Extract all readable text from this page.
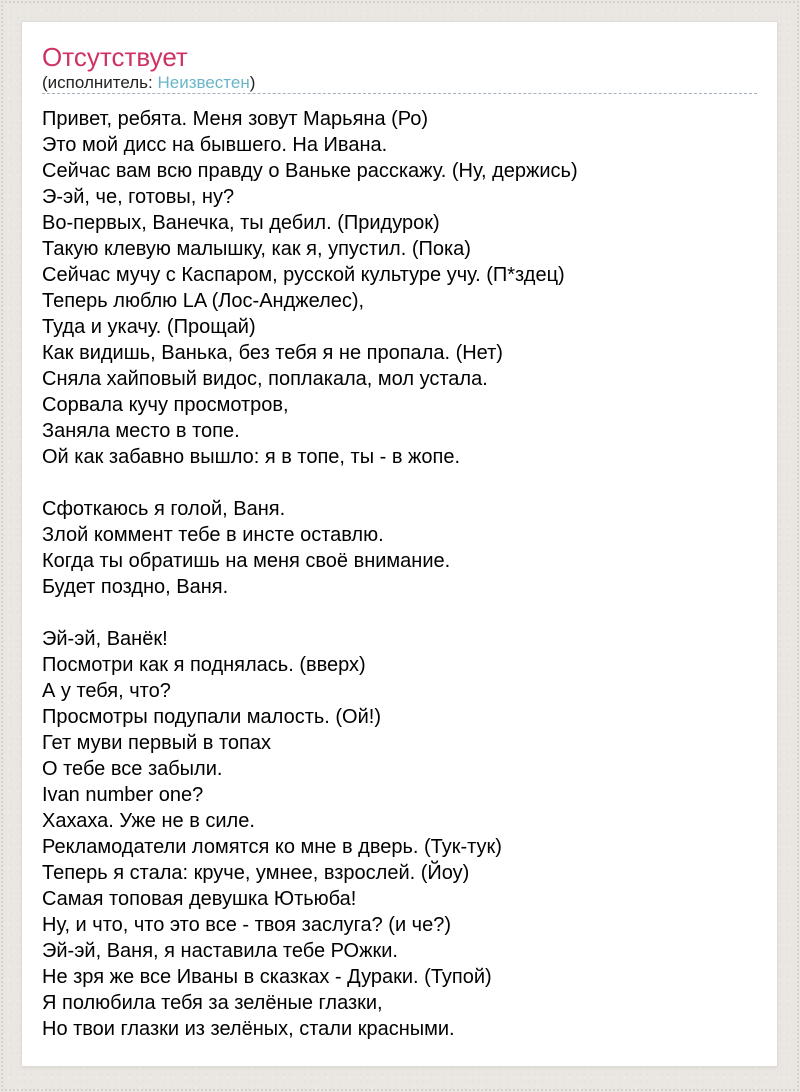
Отсутствует
(исполнитель: Неизвестен)
Привет, ребята. Меня зовут Марьяна (Ро)
Это мой дисс на бывшего. На Ивана.
Сейчас вам всю правду о Ваньке расскажу. (Ну, держись)
Э-эй, че, готовы, ну?
Во-первых, Ванечка, ты дебил. (Придурок)
Такую клевую малышку, как я, упустил. (Пока)
Сейчас мучу с Каспаром, русской культуре учу. (П*здец)
Теперь люблю LA (Лос-Анджелес),
Туда и укачу. (Прощай)
Как видишь, Ванька, без тебя я не пропала. (Нет)
Сняла хайповый видос, поплакала, мол устала.
Сорвала кучу просмотров,
Заняла место в топе.
Ой как забавно вышло: я в топе, ты - в жопе.

Сфоткаюсь я голой, Ваня.
Злой коммент тебе в инсте оставлю.
Когда ты обратишь на меня своё внимание.
Будет поздно, Ваня.

Эй-эй, Ванёк!
Посмотри как я поднялась. (вверх)
А у тебя, что?
Просмотры подупали малость. (Ой!)
Гет муви первый в топах
О тебе все забыли.
Ivan number one?
Хахаха. Уже не в силе.
Рекламодатели ломятся ко мне в дверь. (Тук-тук)
Теперь я стала: круче, умнее, взрослей. (Йоу)
Самая топовая девушка Ютьюба!
Ну, и что, что это все - твоя заслуга? (и че?)
Эй-эй, Ваня, я наставила тебе РОжки.
Не зря же все Иваны в сказках - Дураки. (Тупой)
Я полюбила тебя за зелёные глазки,
Но твои глазки из зелёных, стали красными.
